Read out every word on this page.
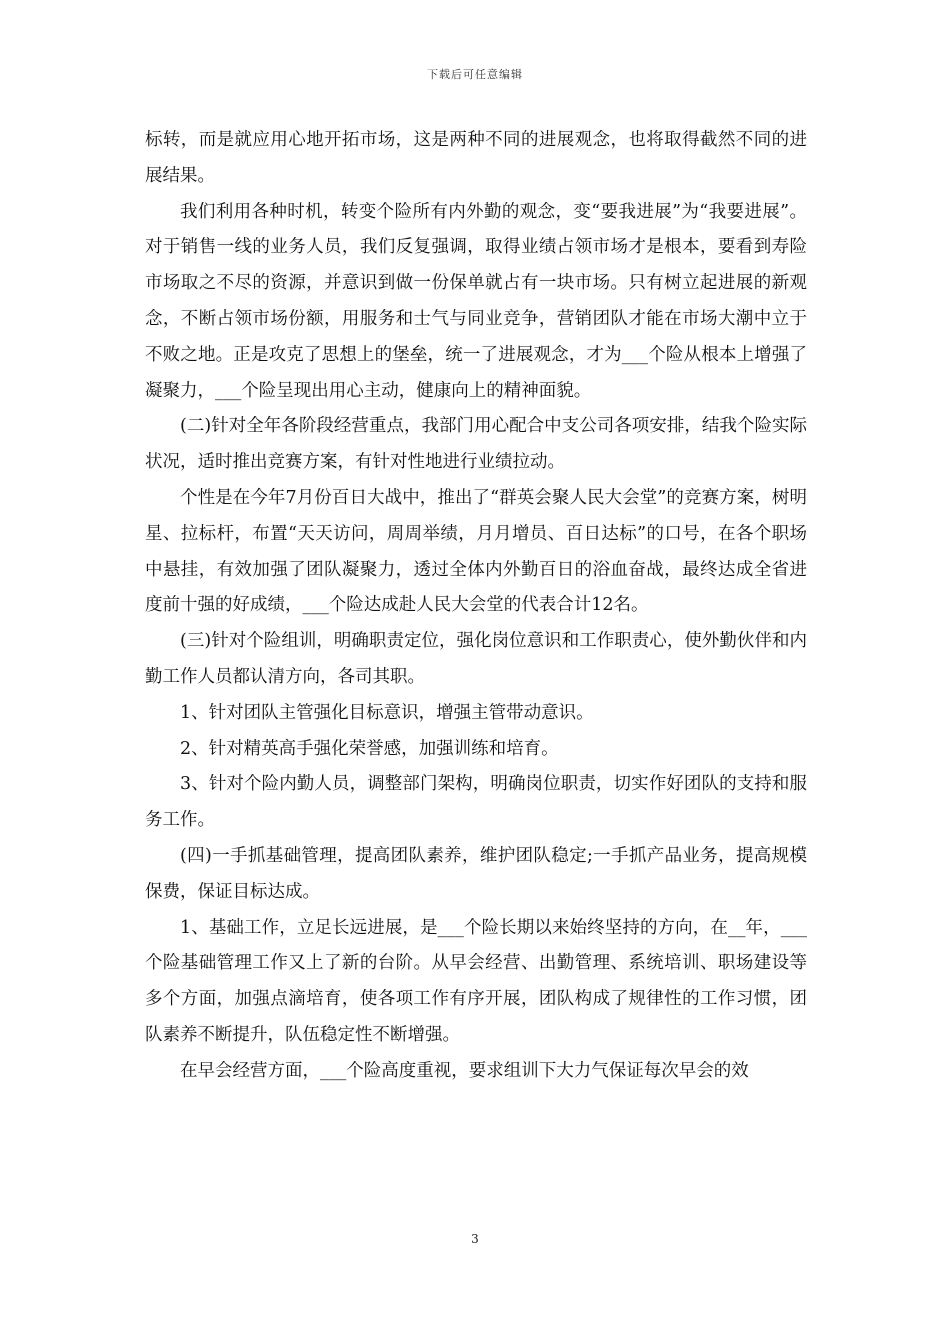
下载后可任意编辑

标转，而是就应用心地开拓市场，这是两种不同的进展观念，也将取得截然不同的进展结果。

我们利用各种时机，转变个险所有内外勤的观念，变“要我进展”为“我要进展”。对于销售一线的业务人员，我们反复强调，取得业绩占领市场才是根本，要看到寿险市场取之不尽的资源，并意识到做一份保单就占有一块市场。只有树立起进展的新观念，不断占领市场份额，用服务和士气与同业竞争，营销团队才能在市场大潮中立于不败之地。正是攻克了思想上的堡垒，统一了进展观念，才为___个险从根本上增强了凝聚力，___个险呈现出用心主动，健康向上的精神面貌。

(二)针对全年各阶段经营重点，我部门用心配合中支公司各项安排，结我个险实际状况，适时推出竞赛方案，有针对性地进行业绩拉动。

个性是在今年7月份百日大战中，推出了“群英会聚人民大会堂”的竞赛方案，树明星、拉标杆，布置“天天访问，周周举绩，月月增员、百日达标”的口号，在各个职场中悬挂，有效加强了团队凝聚力，透过全体内外勤百日的浴血奋战，最终达成全省进度前十强的好成绩，___个险达成赴人民大会堂的代表合计12名。

(三)针对个险组训，明确职责定位，强化岗位意识和工作职责心，使外勤伙伴和内勤工作人员都认清方向，各司其职。

1、针对团队主管强化目标意识，增强主管带动意识。

2、针对精英高手强化荣誉感，加强训练和培育。

3、针对个险内勤人员，调整部门架构，明确岗位职责，切实作好团队的支持和服务工作。

(四)一手抓基础管理，提高团队素养，维护团队稳定;一手抓产品业务，提高规模保费，保证目标达成。

1、基础工作，立足长远进展，是___个险长期以来始终坚持的方向，在__年，___个险基础管理工作又上了新的台阶。从早会经营、出勤管理、系统培训、职场建设等多个方面，加强点滴培育，使各项工作有序开展，团队构成了规律性的工作习惯，团队素养不断提升，队伍稳定性不断增强。

在早会经营方面，___个险高度重视，要求组训下大力气保证每次早会的效

3
